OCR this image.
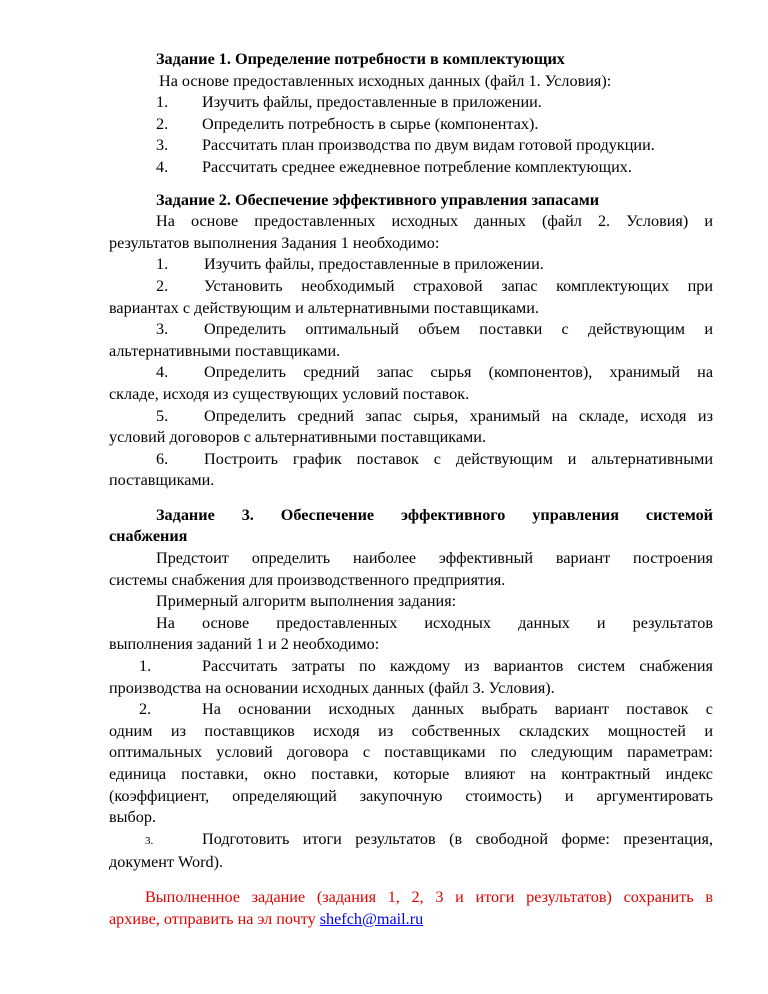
Задание 1. Определение потребности в комплектующих
На основе предоставленных исходных данных (файл 1. Условия):
1. Изучить файлы, предоставленные в приложении.
2. Определить потребность в сырье (компонентах).
3. Рассчитать план производства по двум видам готовой продукции.
4. Рассчитать среднее ежедневное потребление комплектующих.
Задание 2. Обеспечение эффективного управления запасами
На основе предоставленных исходных данных (файл 2. Условия) и
результатов выполнения Задания 1 необходимо:
1. Изучить файлы, предоставленные в приложении.
2. Установить необходимый страховой запас комплектующих при
вариантах с действующим и альтернативными поставщиками.
3. Определить оптимальный объем поставки с действующим и
альтернативными поставщиками.
4. Определить средний запас сырья (компонентов), хранимый на
складе, исходя из существующих условий поставок.
5. Определить средний запас сырья, хранимый на складе, исходя из
условий договоров с альтернативными поставщиками.
6. Построить график поставок с действующим и альтернативными
поставщиками.
Задание 3. Обеспечение эффективного управления системой
снабжения
Предстоит определить наиболее эффективный вариант построения
системы снабжения для производственного предприятия.
Примерный алгоритм выполнения задания:
На основе предоставленных исходных данных и результатов
выполнения заданий 1 и 2 необходимо:
1.	Рассчитать затраты по каждому из вариантов систем снабжения
производства на основании исходных данных (файл 3. Условия).
2.	На основании исходных данных выбрать вариант поставок с
одним из поставщиков исходя из собственных складских мощностей и
оптимальных условий договора с поставщиками по следующим параметрам:
единица поставки, окно поставки, которые влияют на контрактный индекс
(коэффициент, определяющий закупочную стоимость) и аргументировать
выбор.
3.	Подготовить итоги результатов (в свободной форме: презентация,
документ Word).
Выполненное задание (задания 1, 2, 3 и итоги результатов) сохранить в
архиве, отправить на эл почту shefch@mail.ru
